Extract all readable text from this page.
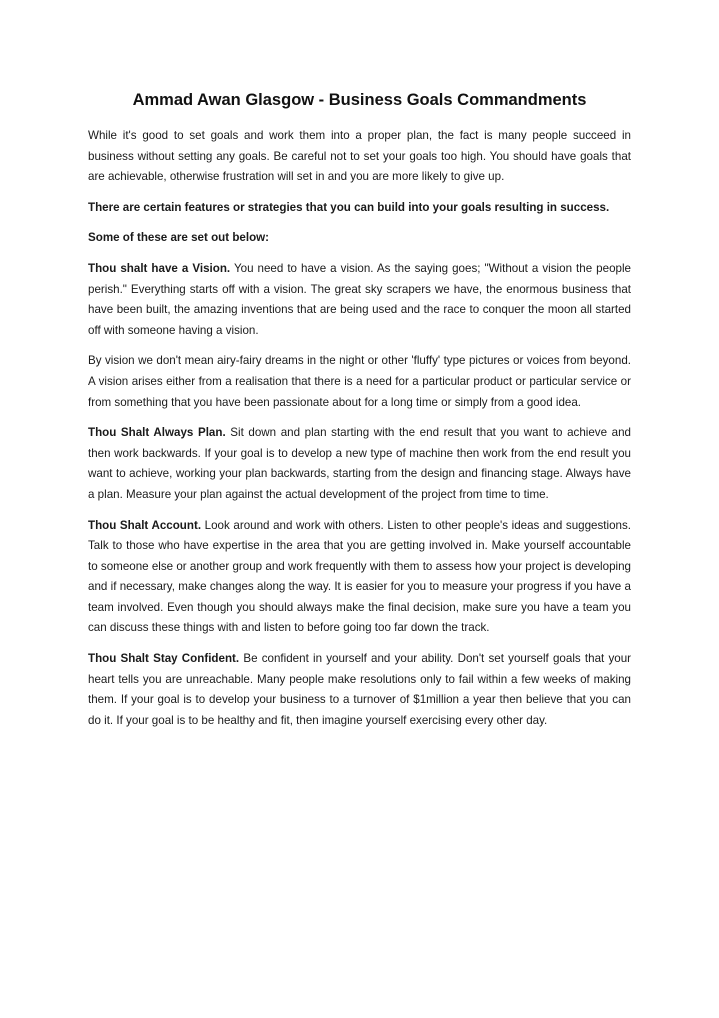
Ammad Awan Glasgow - Business Goals Commandments

While it's good to set goals and work them into a proper plan, the fact is many people succeed in business without setting any goals. Be careful not to set your goals too high. You should have goals that are achievable, otherwise frustration will set in and you are more likely to give up.

There are certain features or strategies that you can build into your goals resulting in success.

Some of these are set out below:

Thou shalt have a Vision. You need to have a vision. As the saying goes; "Without a vision the people perish." Everything starts off with a vision. The great sky scrapers we have, the enormous business that have been built, the amazing inventions that are being used and the race to conquer the moon all started off with someone having a vision.

By vision we don't mean airy-fairy dreams in the night or other 'fluffy' type pictures or voices from beyond. A vision arises either from a realisation that there is a need for a particular product or particular service or from something that you have been passionate about for a long time or simply from a good idea.

Thou Shalt Always Plan. Sit down and plan starting with the end result that you want to achieve and then work backwards. If your goal is to develop a new type of machine then work from the end result you want to achieve, working your plan backwards, starting from the design and financing stage. Always have a plan. Measure your plan against the actual development of the project from time to time.

Thou Shalt Account. Look around and work with others. Listen to other people's ideas and suggestions. Talk to those who have expertise in the area that you are getting involved in. Make yourself accountable to someone else or another group and work frequently with them to assess how your project is developing and if necessary, make changes along the way. It is easier for you to measure your progress if you have a team involved. Even though you should always make the final decision, make sure you have a team you can discuss these things with and listen to before going too far down the track.

Thou Shalt Stay Confident. Be confident in yourself and your ability. Don't set yourself goals that your heart tells you are unreachable. Many people make resolutions only to fail within a few weeks of making them. If your goal is to develop your business to a turnover of $1million a year then believe that you can do it. If your goal is to be healthy and fit, then imagine yourself exercising every other day.
